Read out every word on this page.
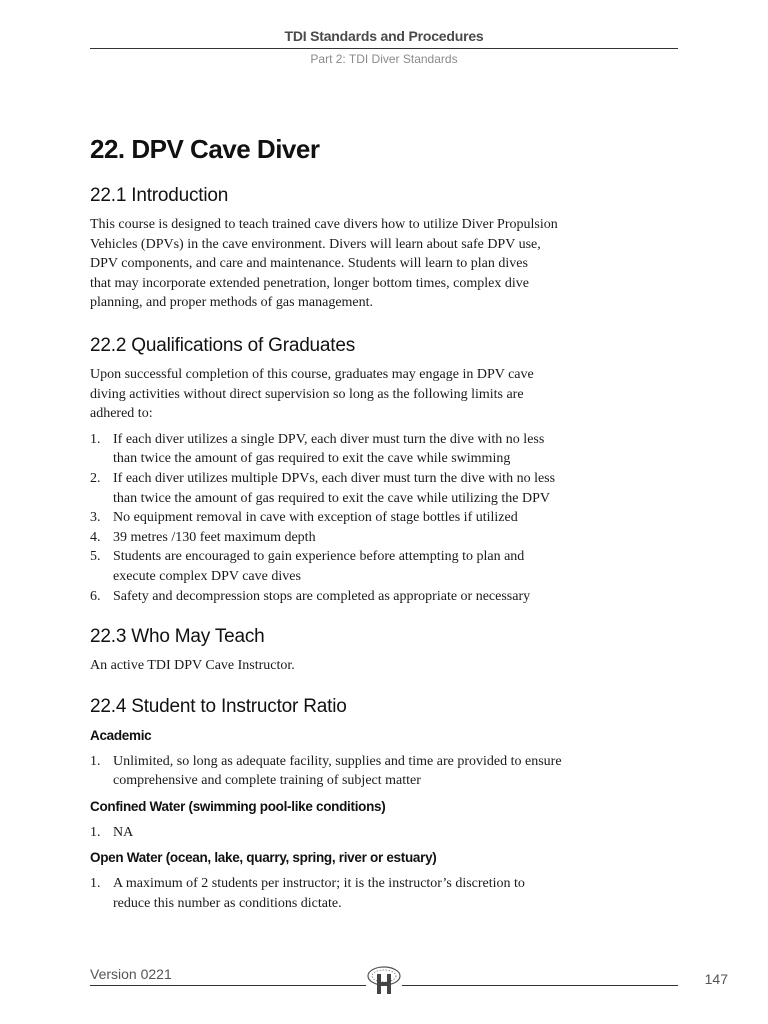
TDI Standards and Procedures
Part 2: TDI Diver Standards
22. DPV Cave Diver
22.1 Introduction

This course is designed to teach trained cave divers how to utilize Diver Propulsion
Vehicles (DPVs) in the cave environment. Divers will learn about safe DPV use,
DPV components, and care and maintenance. Students will learn to plan dives
that may incorporate extended penetration, longer bottom times, complex dive
planning, and proper methods of gas management.

22.2 Qualifications of Graduates

Upon successful completion of this course, graduates may engage in DPV cave
diving activities without direct supervision so long as the following limits are
adhered to:

1. If each diver utilizes a single DPV, each diver must turn the dive with no less
than twice the amount of gas required to exit the cave while swimming
2. If each diver utilizes multiple DPVs, each diver must turn the dive with no less
than twice the amount of gas required to exit the cave while utilizing the DPV
3. No equipment removal in cave with exception of stage bottles if utilized
4. 39 metres /130 feet maximum depth
5. Students are encouraged to gain experience before attempting to plan and
execute complex DPV cave dives
6. Safety and decompression stops are completed as appropriate or necessary
22.3 Who May Teach

An active TDI DPV Cave Instructor.

22.4 Student to Instructor Ratio
Academic
1. Unlimited, so long as adequate facility, supplies and time are provided to ensure
comprehensive and complete training of subject matter
Confined Water (swimming pool-like conditions)
1. NA
Open Water (ocean, lake, quarry, spring, river or estuary)
1. A maximum of 2 students per instructor; it is the instructor’s discretion to
reduce this number as conditions dictate.
Version 0221	147
